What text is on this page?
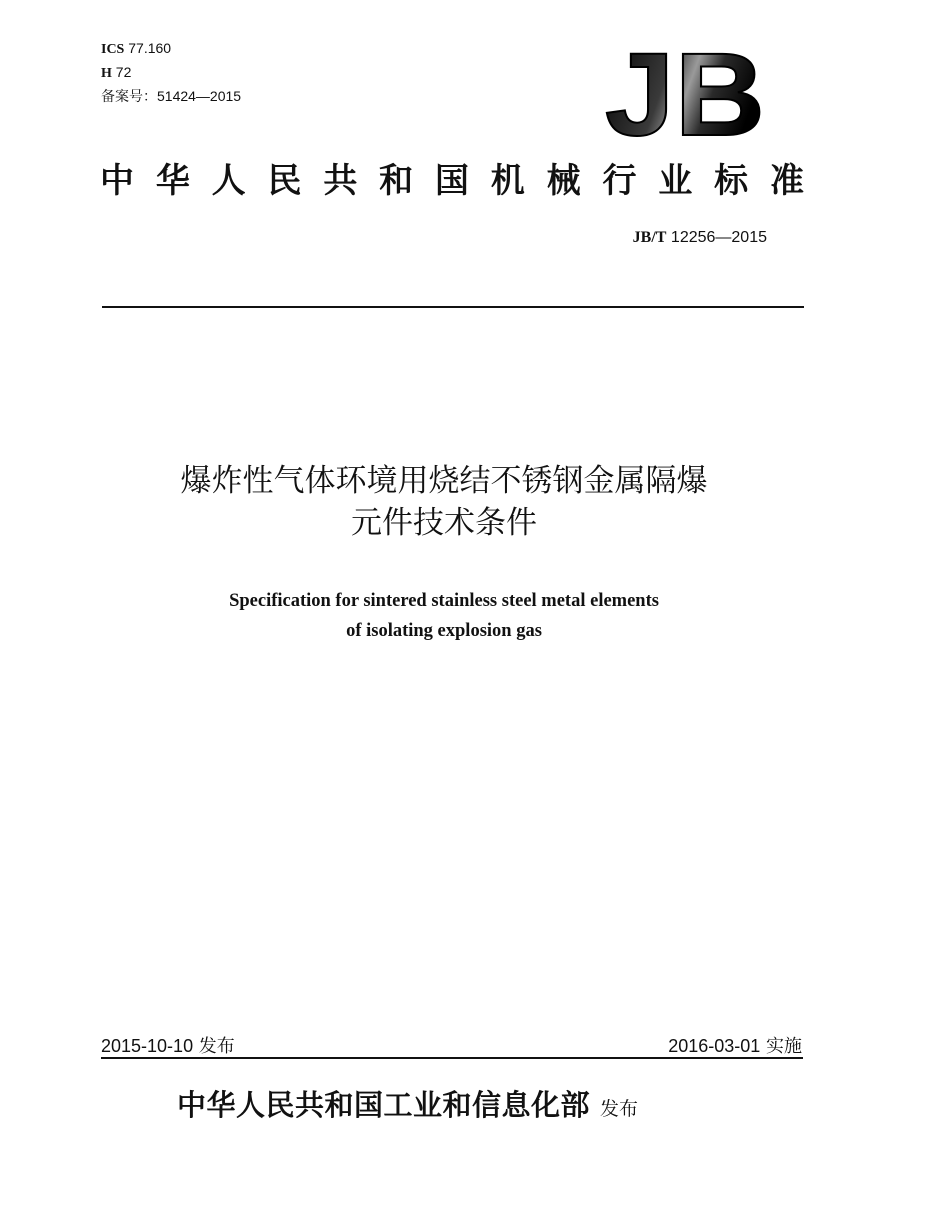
ICS 77.160
H 72
备案号：51424—2015	JB
中 华 人 民 共 和 国 机 械 行 业 标 准
JB/T 12256—2015
爆炸性气体环境用烧结不锈钢金属隔爆
元件技术条件
Specification for sintered stainless steel metal elements
of isolating explosion gas
2015-10-10 发布	2016-03-01 实施
中华人民共和国工业和信息化部 发布
